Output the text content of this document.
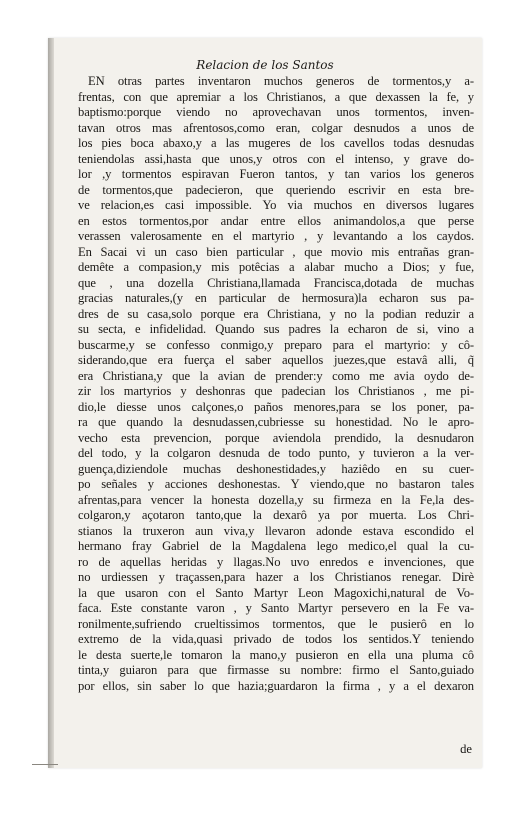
Relacion de los Santos
EN otras partes inventaron muchos generos de tormentos,y a-
frentas, con que apremiar a los Christianos, a que dexassen la fe, y
baptismo:porque viendo no aprovechavan unos tormentos, inven-
tavan otros mas afrentosos,como eran, colgar desnudos a unos de
los pies boca abaxo,y a las mugeres de los cavellos todas desnudas
teniendolas assi,hasta que unos,y otros con el intenso, y grave do-
lor ,y tormentos espiravan Fueron tantos, y tan varios los generos
de tormentos,que padecieron, que queriendo escrivir en esta bre-
ve relacion,es casi impossible. Yo via muchos en diversos lugares
en estos tormentos,por andar entre ellos animandolos,a que perse
verassen valerosamente en el martyrio , y levantando a los caydos.
En Sacai vi un caso bien particular , que movio mis entrañas gran-
demête a compasion,y mis potêcias a alabar mucho a Dios; y fue,
que , una dozella Christiana,llamada Francisca,dotada de muchas
gracias naturales,(y en particular de hermosura)la echaron sus pa-
dres de su casa,solo porque era Christiana, y no la podian reduzir a
su secta, e infidelidad. Quando sus padres la echaron de si, vino a
buscarme,y se confesso conmigo,y preparo para el martyrio: y cô-
siderando,que era fuerça el saber aquellos juezes,que estavâ alli, q̃
era Christiana,y que la avian de prender:y como me avia oydo de-
zir los martyrios y deshonras que padecian los Christianos , me pi-
dio,le diesse unos calçones,o paños menores,para se los poner, pa-
ra que quando la desnudassen,cubriesse su honestidad. No le apro-
vecho esta prevencion, porque aviendola prendido, la desnudaron
del todo, y la colgaron desnuda de todo punto, y tuvieron a la ver-
guença,diziendole muchas deshonestidades,y haziêdo en su cuer-
po señales y acciones deshonestas. Y viendo,que no bastaron tales
afrentas,para vencer la honesta dozella,y su firmeza en la Fe,la des-
colgaron,y açotaron tanto,que la dexarô ya por muerta. Los Chri-
stianos la truxeron aun viva,y llevaron adonde estava escondido el
hermano fray Gabriel de la Magdalena lego medico,el qual la cu-
ro de aquellas heridas y llagas.No uvo enredos e invenciones, que
no urdiessen y traçassen,para hazer a los Christianos renegar. Dirè
la que usaron con el Santo Martyr Leon Magoxichi,natural de Vo-
faca. Este constante varon , y Santo Martyr persevero en la Fe va-
ronilmente,sufriendo crueltissimos tormentos, que le pusierô en lo
extremo de la vida,quasi privado de todos los sentidos.Y teniendo
le desta suerte,le tomaron la mano,y pusieron en ella una pluma cô
tinta,y guiaron para que firmasse su nombre: firmo el Santo,guiado
por ellos, sin saber lo que hazia;guardaron la firma , y a el dexaron
de
